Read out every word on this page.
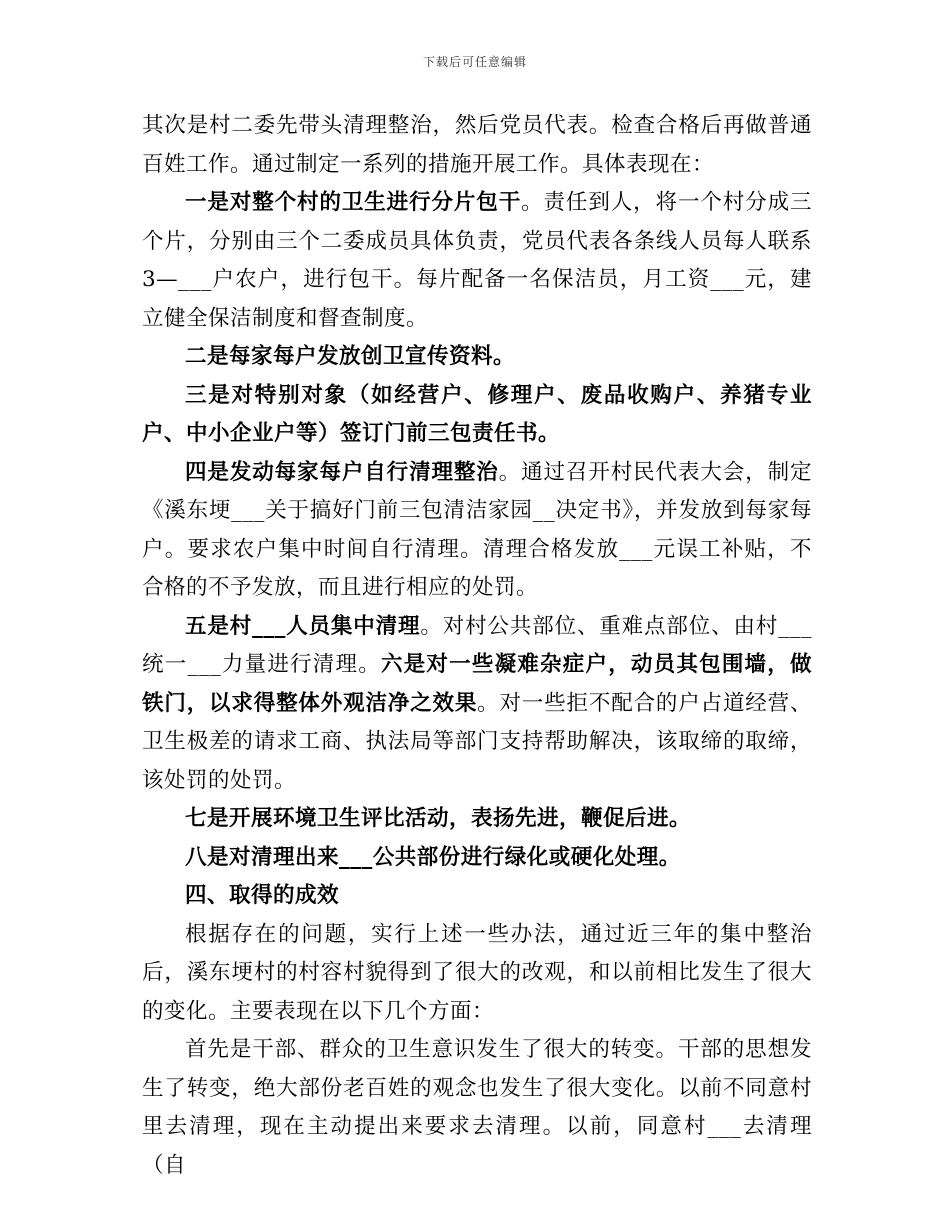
下载后可任意编辑

其次是村二委先带头清理整治，然后党员代表。检查合格后再做普通百姓工作。通过制定一系列的措施开展工作。具体表现在：

一是对整个村的卫生进行分片包干。责任到人，将一个村分成三个片，分别由三个二委成员具体负责，党员代表各条线人员每人联系3—___户农户，进行包干。每片配备一名保洁员，月工资___元，建立健全保洁制度和督查制度。

二是每家每户发放创卫宣传资料。

三是对特别对象（如经营户、修理户、废品收购户、养猪专业户、中小企业户等）签订门前三包责任书。

四是发动每家每户自行清理整治。通过召开村民代表大会，制定《溪东埂___关于搞好门前三包清洁家园__决定书》，并发放到每家每户。要求农户集中时间自行清理。清理合格发放___元误工补贴，不合格的不予发放，而且进行相应的处罚。

五是村___人员集中清理。对村公共部位、重难点部位、由村___统一___力量进行清理。六是对一些凝难杂症户，动员其包围墙，做铁门，以求得整体外观洁净之效果。对一些拒不配合的户占道经营、卫生极差的请求工商、执法局等部门支持帮助解决，该取缔的取缔，该处罚的处罚。

七是开展环境卫生评比活动，表扬先进，鞭促后进。

八是对清理出来___公共部份进行绿化或硬化处理。

四、取得的成效

根据存在的问题，实行上述一些办法，通过近三年的集中整治后，溪东埂村的村容村貌得到了很大的改观，和以前相比发生了很大的变化。主要表现在以下几个方面：

首先是干部、群众的卫生意识发生了很大的转变。干部的思想发生了转变，绝大部份老百姓的观念也发生了很大变化。以前不同意村里去清理，现在主动提出来要求去清理。以前，同意村___去清理（自
